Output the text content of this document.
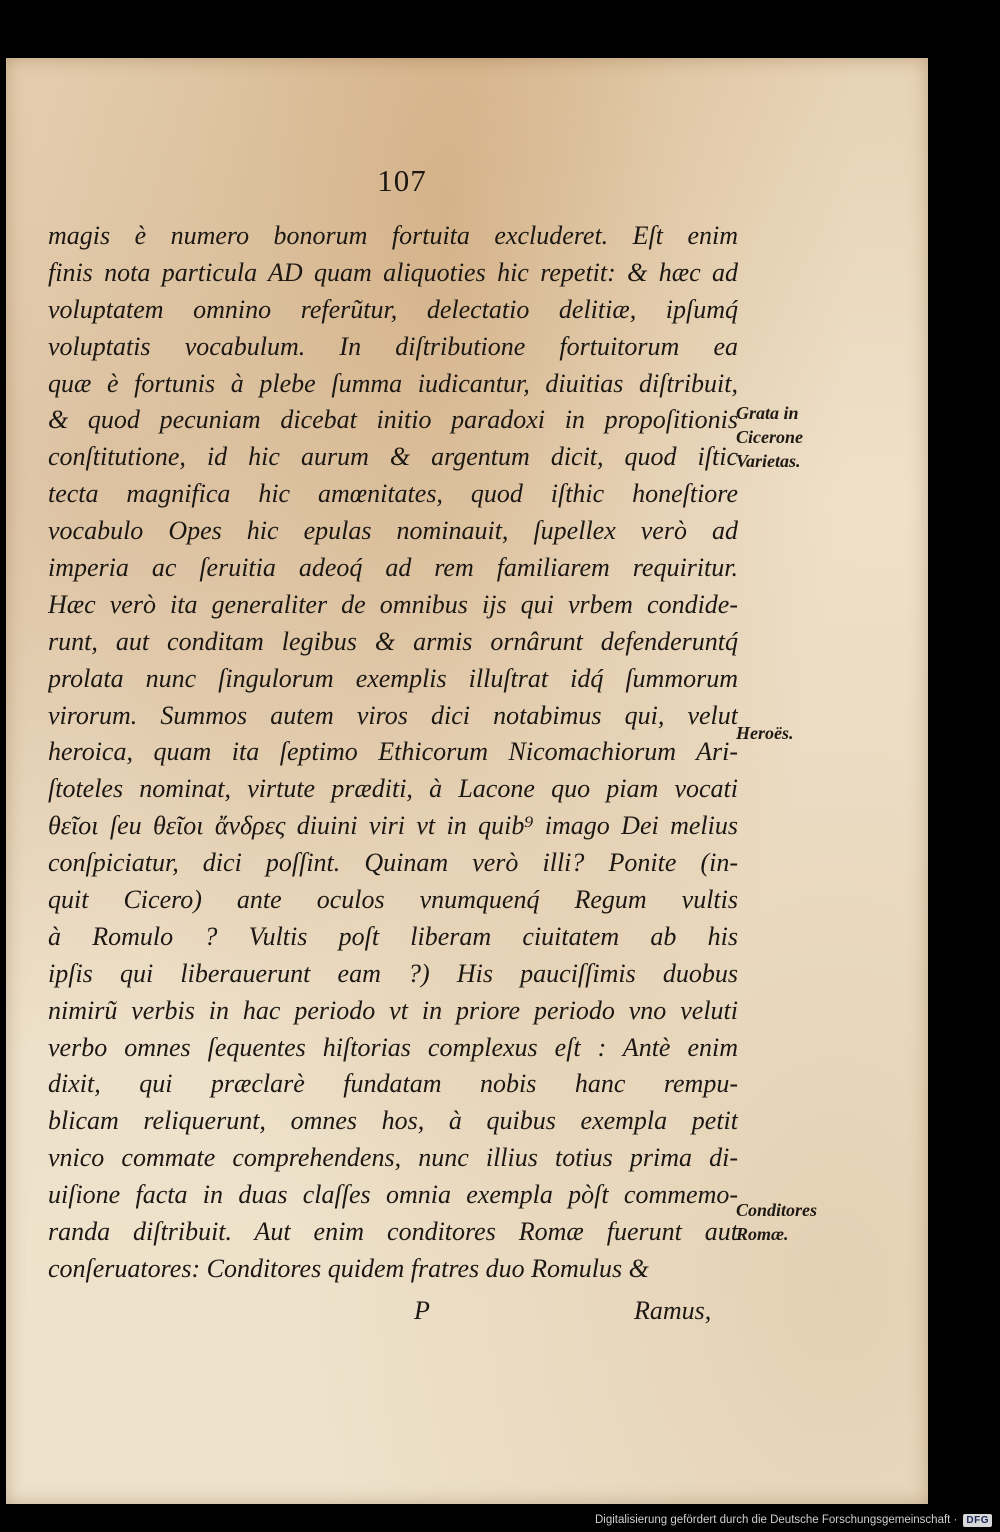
107
magis è numero bonorum fortuita excluderet. Eſt enim
finis nota particula AD quam aliquoties hic repetit: & hæc ad
voluptatem omnino referũtur, delectatio delitiæ, ipſumq́
voluptatis vocabulum. In diſtributione fortuitorum ea
quæ è fortunis à plebe ſumma iudicantur, diuitias diſtribuit,
& quod pecuniam dicebat initio paradoxi in propoſitionis
conſtitutione, id hic aurum & argentum dicit, quod iſtic
tecta magnifica hic amœnitates, quod iſthic honeſtiore
vocabulo Opes hic epulas nominauit, ſupellex verò ad
imperia ac ſeruitia adeoq́ ad rem familiarem requiritur.
Hæc verò ita generaliter de omnibus ijs qui vrbem condide-
runt, aut conditam legibus & armis ornârunt defenderuntq́
prolata nunc ſingulorum exemplis illuſtrat idq́ ſummorum
virorum. Summos autem viros dici notabimus qui, velut
heroica, quam ita ſeptimo Ethicorum Nicomachiorum Ari-
ſtoteles nominat, virtute præditi, à Lacone quo piam vocati
θεῖοι ſeu θεῖοι ἄνδρες diuini viri vt in quib⁹ imago Dei melius
conſpiciatur, dici poſſint. Quinam verò illi? Ponite (in-
quit Cicero) ante oculos vnumquenq́ Regum vultis
à Romulo ? Vultis poſt liberam ciuitatem ab his
ipſis qui liberauerunt eam ?) His pauciſſimis duobus
nimirũ verbis in hac periodo vt in priore periodo vno veluti
verbo omnes ſequentes hiſtorias complexus eſt : Antè enim
dixit, qui præclarè fundatam nobis hanc rempu-
blicam reliquerunt, omnes hos, à quibus exempla petit
vnico commate comprehendens, nunc illius totius prima di-
uiſione facta in duas claſſes omnia exempla pòſt commemo-
randa diſtribuit. Aut enim conditores Romæ fuerunt aut
conſeruatores: Conditores quidem fratres duo Romulus &
Grata in
Cicerone
Varietas.
Heroës.
Conditores
Romæ.
P	Ramus,
Digitalisierung gefördert durch die Deutsche Forschungsgemeinschaft · DFG
